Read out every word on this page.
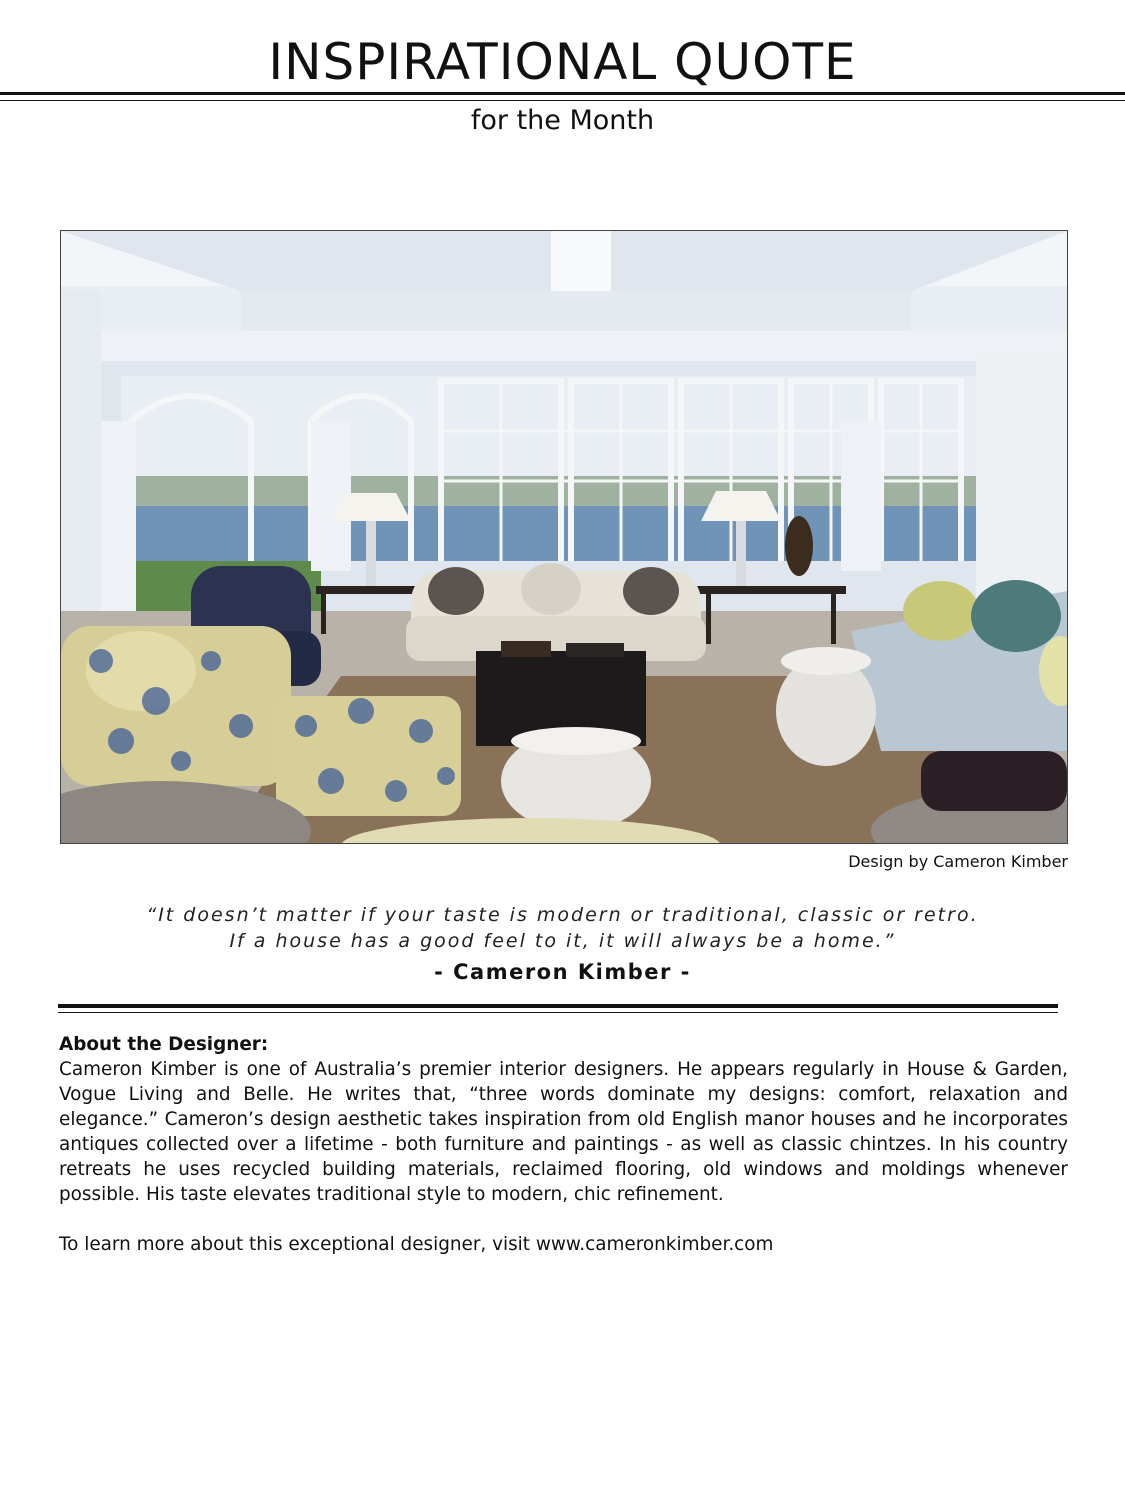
INSPIRATIONAL QUOTE
for the Month
Design by Cameron Kimber
“It doesn’t matter if your taste is modern or traditional, classic or retro.
If a house has a good feel to it, it will always be a home.”
- Cameron Kimber -
About the Designer:
Cameron Kimber is one of Australia’s premier interior designers. He appears regularly in House & Garden, Vogue Living and Belle. He writes that, “three words dominate my designs: comfort, relaxation and elegance.” Cameron’s design aesthetic takes inspiration from old English manor houses and he incorporates antiques collected over a lifetime - both furniture and paintings - as well as classic chintzes. In his country retreats he uses recycled building materials, reclaimed flooring, old windows and moldings whenever possible. His taste elevates traditional style to modern, chic refinement.
To learn more about this exceptional designer, visit www.cameronkimber.com
